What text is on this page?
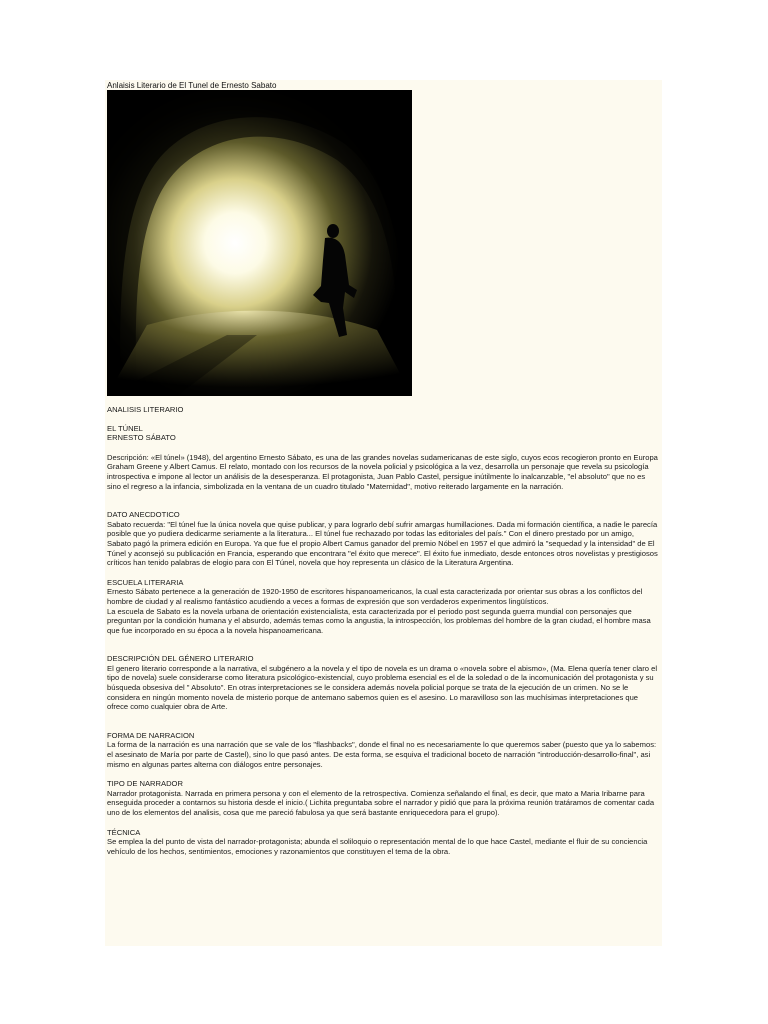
Anlaisis Literario de El Tunel de Ernesto Sabato
ANALISIS LITERARIO
EL TÚNEL
ERNESTO SÁBATO

Descripción: «El túnel» (1948), del argentino Ernesto Sábato, es una de las grandes novelas sudamericanas de este siglo, cuyos ecos recogieron pronto en Europa Graham Greene y Albert Camus. El relato, montado con los recursos de la novela policial y psicológica a la vez, desarrolla un personaje que revela su psicología introspectiva e impone al lector un análisis de la desesperanza. El protagonista, Juan Pablo Castel, persigue inútilmente lo inalcanzable, "el absoluto" que no es sino el regreso a la infancia, simbolizada en la ventana de un cuadro titulado "Maternidad", motivo reiterado largamente en la narración.

DATO ANECDOTICO

Sabato recuerda: "El túnel fue la única novela que quise publicar, y para lograrlo debí sufrir amargas humillaciones. Dada mi formación científica, a nadie le parecía posible que yo pudiera dedicarme seriamente a la literatura... El túnel fue rechazado por todas las editoriales del país." Con el dinero prestado por un amigo, Sabato pagó la primera edición en Europa. Ya que fue el propio Albert Camus ganador del premio Nóbel en 1957 el que admiró la "sequedad y la intensidad" de El Túnel y aconsejó su publicación en Francia, esperando que encontrara "el éxito que merece". El éxito fue inmediato, desde entonces otros novelistas y prestigiosos críticos han tenido palabras de elogio para con El Túnel, novela que hoy representa un clásico de la Literatura Argentina.

ESCUELA LITERARIA

Ernesto Sábato pertenece a la generación de 1920-1950 de escritores hispanoamericanos, la cual esta caracterizada por orientar sus obras a los conflictos del hombre de ciudad y al realismo fantástico acudiendo a veces a formas de expresión que son verdaderos experimentos lingüísticos.

La escuela de Sabato es la novela urbana de orientación existencialista, esta caracterizada por el periodo post segunda guerra mundial con personajes que preguntan por la condición humana y el absurdo, además temas como la angustia, la introspección, los problemas del hombre de la gran ciudad, el hombre masa que fue incorporado en su época a la novela hispanoamericana.

DESCRIPCIÓN DEL GÉNERO LITERARIO

El genero literario corresponde a la narrativa, el subgénero a la novela y el tipo de novela es un drama o «novela sobre el abismo», (Ma. Elena quería tener claro el tipo de novela) suele considerarse como literatura psicológico-existencial, cuyo problema esencial es el de la soledad o de la incomunicación del protagonista y su búsqueda obsesiva del " Absoluto". En otras interpretaciones se le considera además novela policial porque se trata de la ejecución de un crimen. No se le considera en ningún momento novela de misterio porque de antemano sabemos quien es el asesino. Lo maravilloso son las muchísimas interpretaciones que ofrece como cualquier obra de Arte.

FORMA DE NARRACION

La forma de la narración es una narración que se vale de los "flashbacks", donde el final no es necesariamente lo que queremos saber (puesto que ya lo sabemos: el asesinato de María por parte de Castel), sino lo que pasó antes. De esta forma, se esquiva el tradicional boceto de narración "introducción-desarrollo-final", asi mismo en algunas partes alterna con diálogos entre personajes.

TIPO DE NARRADOR

Narrador protagonista. Narrada en primera persona y con el elemento de la retrospectiva. Comienza señalando el final, es decir, que mato a Maria Iribarne para enseguida proceder a contarnos su historia desde el inicio.( Lichita preguntaba sobre el narrador y pidió que para la próxima reunión tratáramos de comentar cada uno de los elementos del analisis, cosa que me pareció fabulosa ya que será bastante enriquecedora para el grupo).

TÉCNICA

Se emplea la del punto de vista del narrador-protagonista; abunda el soliloquio o representación mental de lo que hace Castel, mediante el fluir de su conciencia vehículo de los hechos, sentimientos, emociones y razonamientos que constituyen el tema de la obra.
